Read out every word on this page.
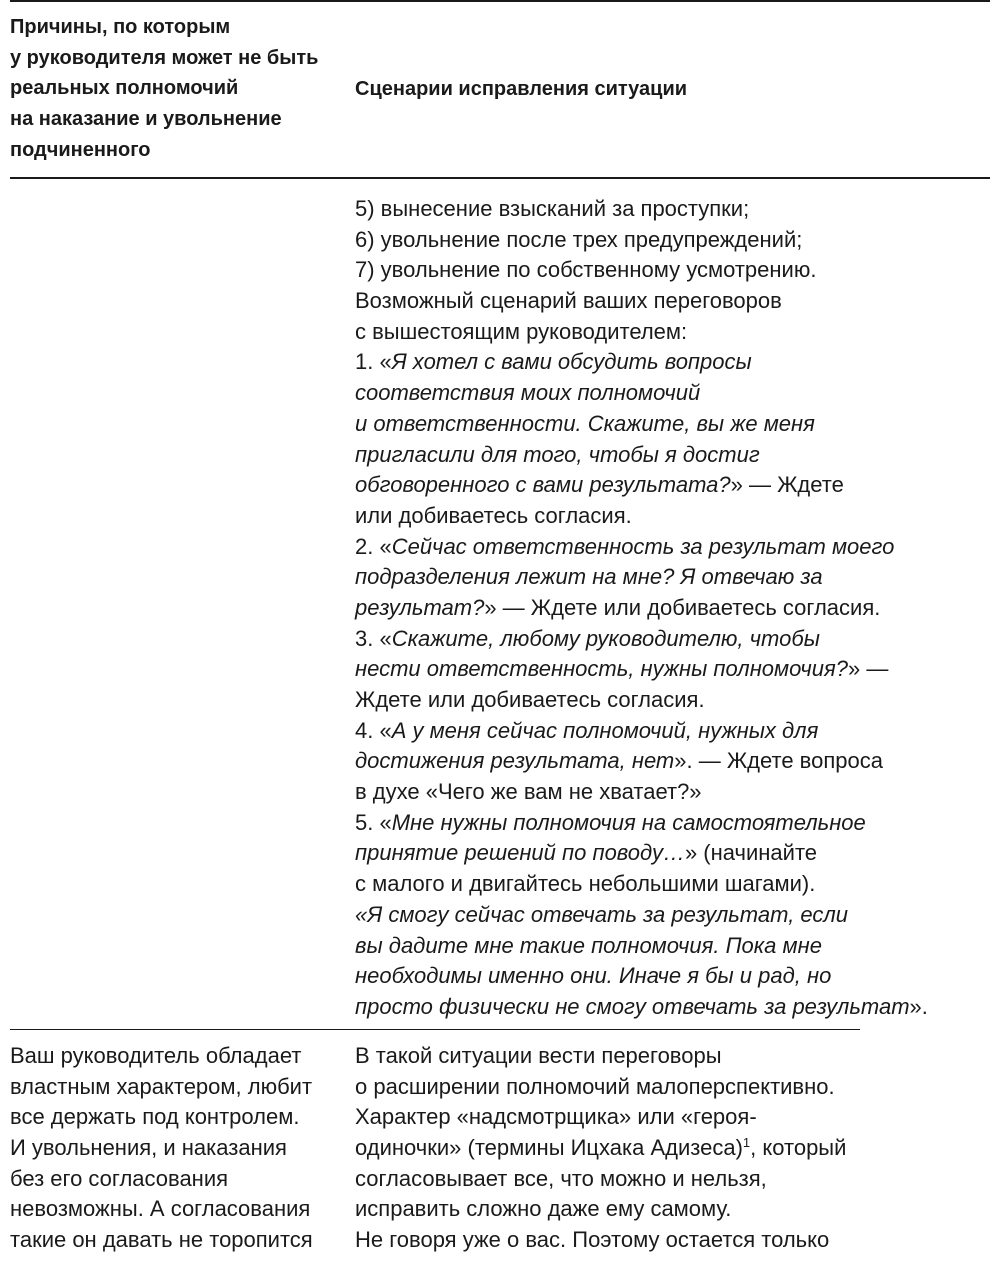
Причины, по которым
у руководителя может не быть
реальных полномочий
на наказание и увольнение
подчиненного
Сценарии исправления ситуации
5) вынесение взысканий за проступки;
6) увольнение после трех предупреждений;
7) увольнение по собственному усмотрению.
Возможный сценарий ваших переговоров
с вышестоящим руководителем:
1. «Я хотел с вами обсудить вопросы
соответствия моих полномочий
и ответственности. Скажите, вы же меня
пригласили для того, чтобы я достиг
обговоренного с вами результата?» — Ждете
или добиваетесь согласия.
2. «Сейчас ответственность за результат моего
подразделения лежит на мне? Я отвечаю за
результат?» — Ждете или добиваетесь согласия.
3. «Скажите, любому руководителю, чтобы
нести ответственность, нужны полномочия?» —
Ждете или добиваетесь согласия.
4. «А у меня сейчас полномочий, нужных для
достижения результата, нет». — Ждете вопроса
в духе «Чего же вам не хватает?»
5. «Мне нужны полномочия на самостоятельное
принятие решений по поводу…» (начинайте
с малого и двигайтесь небольшими шагами).
«Я смогу сейчас отвечать за результат, если
вы дадите мне такие полномочия. Пока мне
необходимы именно они. Иначе я бы и рад, но
просто физически не смогу отвечать за результат».
Ваш руководитель обладает
властным характером, любит
все держать под контролем.
И увольнения, и наказания
без его согласования
невозможны. А согласования
такие он давать не торопится
В такой ситуации вести переговоры
о расширении полномочий малоперспективно.
Характер «надсмотрщика» или «героя-
одиночки» (термины Ицхака Адизеса)$^1$, который
согласовывает все, что можно и нельзя,
исправить сложно даже ему самому.
Не говоря уже о вас. Поэтому остается только
